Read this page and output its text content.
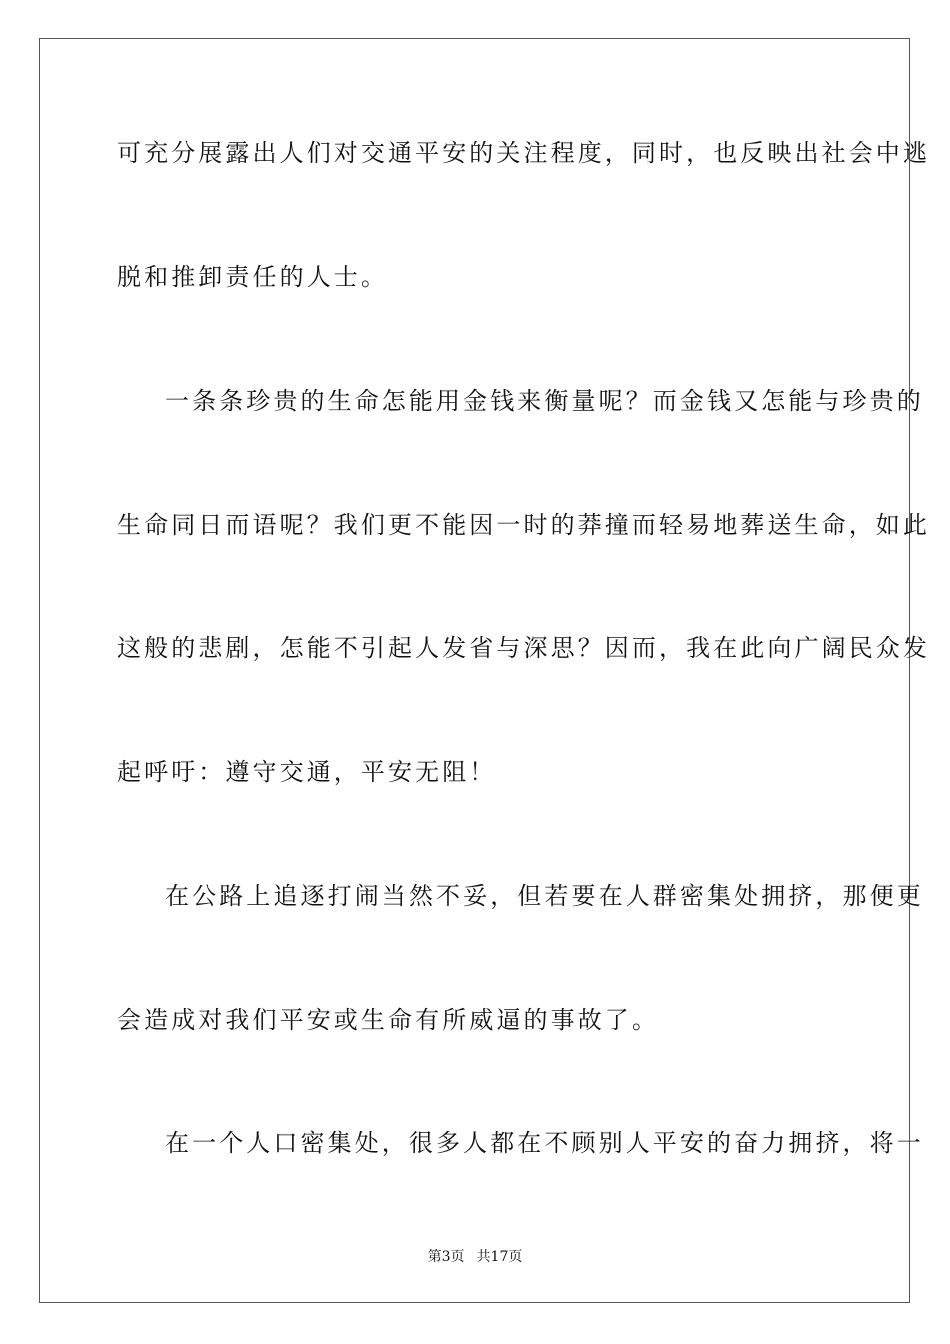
可充分展露出人们对交通平安的关注程度，同时，也反映出社会中逃
脱和推卸责任的人士。
一条条珍贵的生命怎能用金钱来衡量呢？而金钱又怎能与珍贵的
生命同日而语呢？我们更不能因一时的莽撞而轻易地葬送生命，如此
这般的悲剧，怎能不引起人发省与深思？因而，我在此向广阔民众发
起呼吁：遵守交通，平安无阻！
在公路上追逐打闹当然不妥，但若要在人群密集处拥挤，那便更
会造成对我们平安或生命有所威逼的事故了。
在一个人口密集处，很多人都在不顾别人平安的奋力拥挤，将一
第3页 共17页
